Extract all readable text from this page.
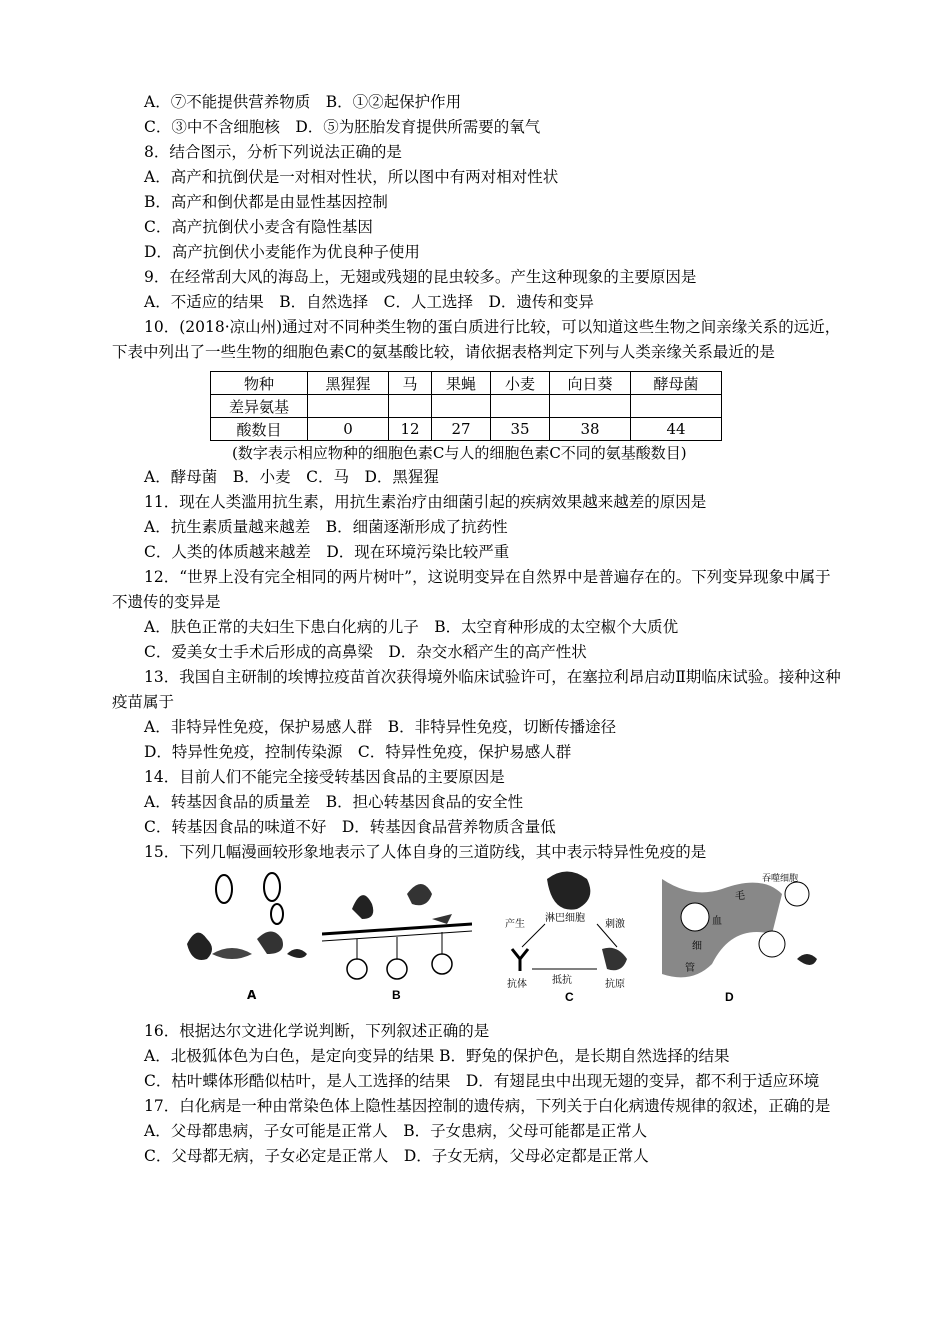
A．⑦不能提供营养物质　B．①②起保护作用
C．③中不含细胞核　D．⑤为胚胎发育提供所需要的氧气
8．结合图示，分析下列说法正确的是
A．高产和抗倒伏是一对相对性状，所以图中有两对相对性状
B．高产和倒伏都是由显性基因控制
C．高产抗倒伏小麦含有隐性基因
D．高产抗倒伏小麦能作为优良种子使用
9．在经常刮大风的海岛上，无翅或残翅的昆虫较多。产生这种现象的主要原因是
A．不适应的结果　B．自然选择　C．人工选择　D．遗传和变异
10．(2018·凉山州)通过对不同种类生物的蛋白质进行比较，可以知道这些生物之间亲缘关系的远近，下表中列出了一些生物的细胞色素C的氨基酸比较，请依据表格判定下列与人类亲缘关系最近的是
物种	黑猩猩	马	果蝇	小麦	向日葵	酵母菌
差异氨基						
酸数目	0	12	27	35	38	44
(数字表示相应物种的细胞色素C与人的细胞色素C不同的氨基酸数目)
A．酵母菌　B．小麦　C．马　D．黑猩猩
11．现在人类滥用抗生素，用抗生素治疗由细菌引起的疾病效果越来越差的原因是
A．抗生素质量越来越差　B．细菌逐渐形成了抗药性
C．人类的体质越来越差　D．现在环境污染比较严重
12．“世界上没有完全相同的两片树叶”，这说明变异在自然界中是普遍存在的。下列变异现象中属于不遗传的变异是
A．肤色正常的夫妇生下患白化病的儿子　B．太空育种形成的太空椒个大质优
C．爱美女士手术后形成的高鼻梁　D．杂交水稻产生的高产性状
13．我国自主研制的埃博拉疫苗首次获得境外临床试验许可，在塞拉利昂启动Ⅱ期临床试验。接种这种疫苗属于
A．非特异性免疫，保护易感人群　B．非特异性免疫，切断传播途径
D．特异性免疫，控制传染源　C．特异性免疫，保护易感人群
14．目前人们不能完全接受转基因食品的主要原因是
A．转基因食品的质量差　B．担心转基因食品的安全性
C．转基因食品的味道不好　D．转基因食品营养物质含量低
15．下列几幅漫画较形象地表示了人体自身的三道防线，其中表示特异性免疫的是
A	B
淋巴细胞
产生	刺激
抗体	抵抗	抗原
C
吞噬细胞
毛
血
细
管
D
16．根据达尔文进化学说判断，下列叙述正确的是
A．北极狐体色为白色，是定向变异的结果 B．野兔的保护色，是长期自然选择的结果
C．枯叶蝶体形酷似枯叶，是人工选择的结果　D．有翅昆虫中出现无翅的变异，都不利于适应环境
17．白化病是一种由常染色体上隐性基因控制的遗传病，下列关于白化病遗传规律的叙述，正确的是
A．父母都患病，子女可能是正常人　B．子女患病，父母可能都是正常人
C．父母都无病，子女必定是正常人　D．子女无病，父母必定都是正常人
